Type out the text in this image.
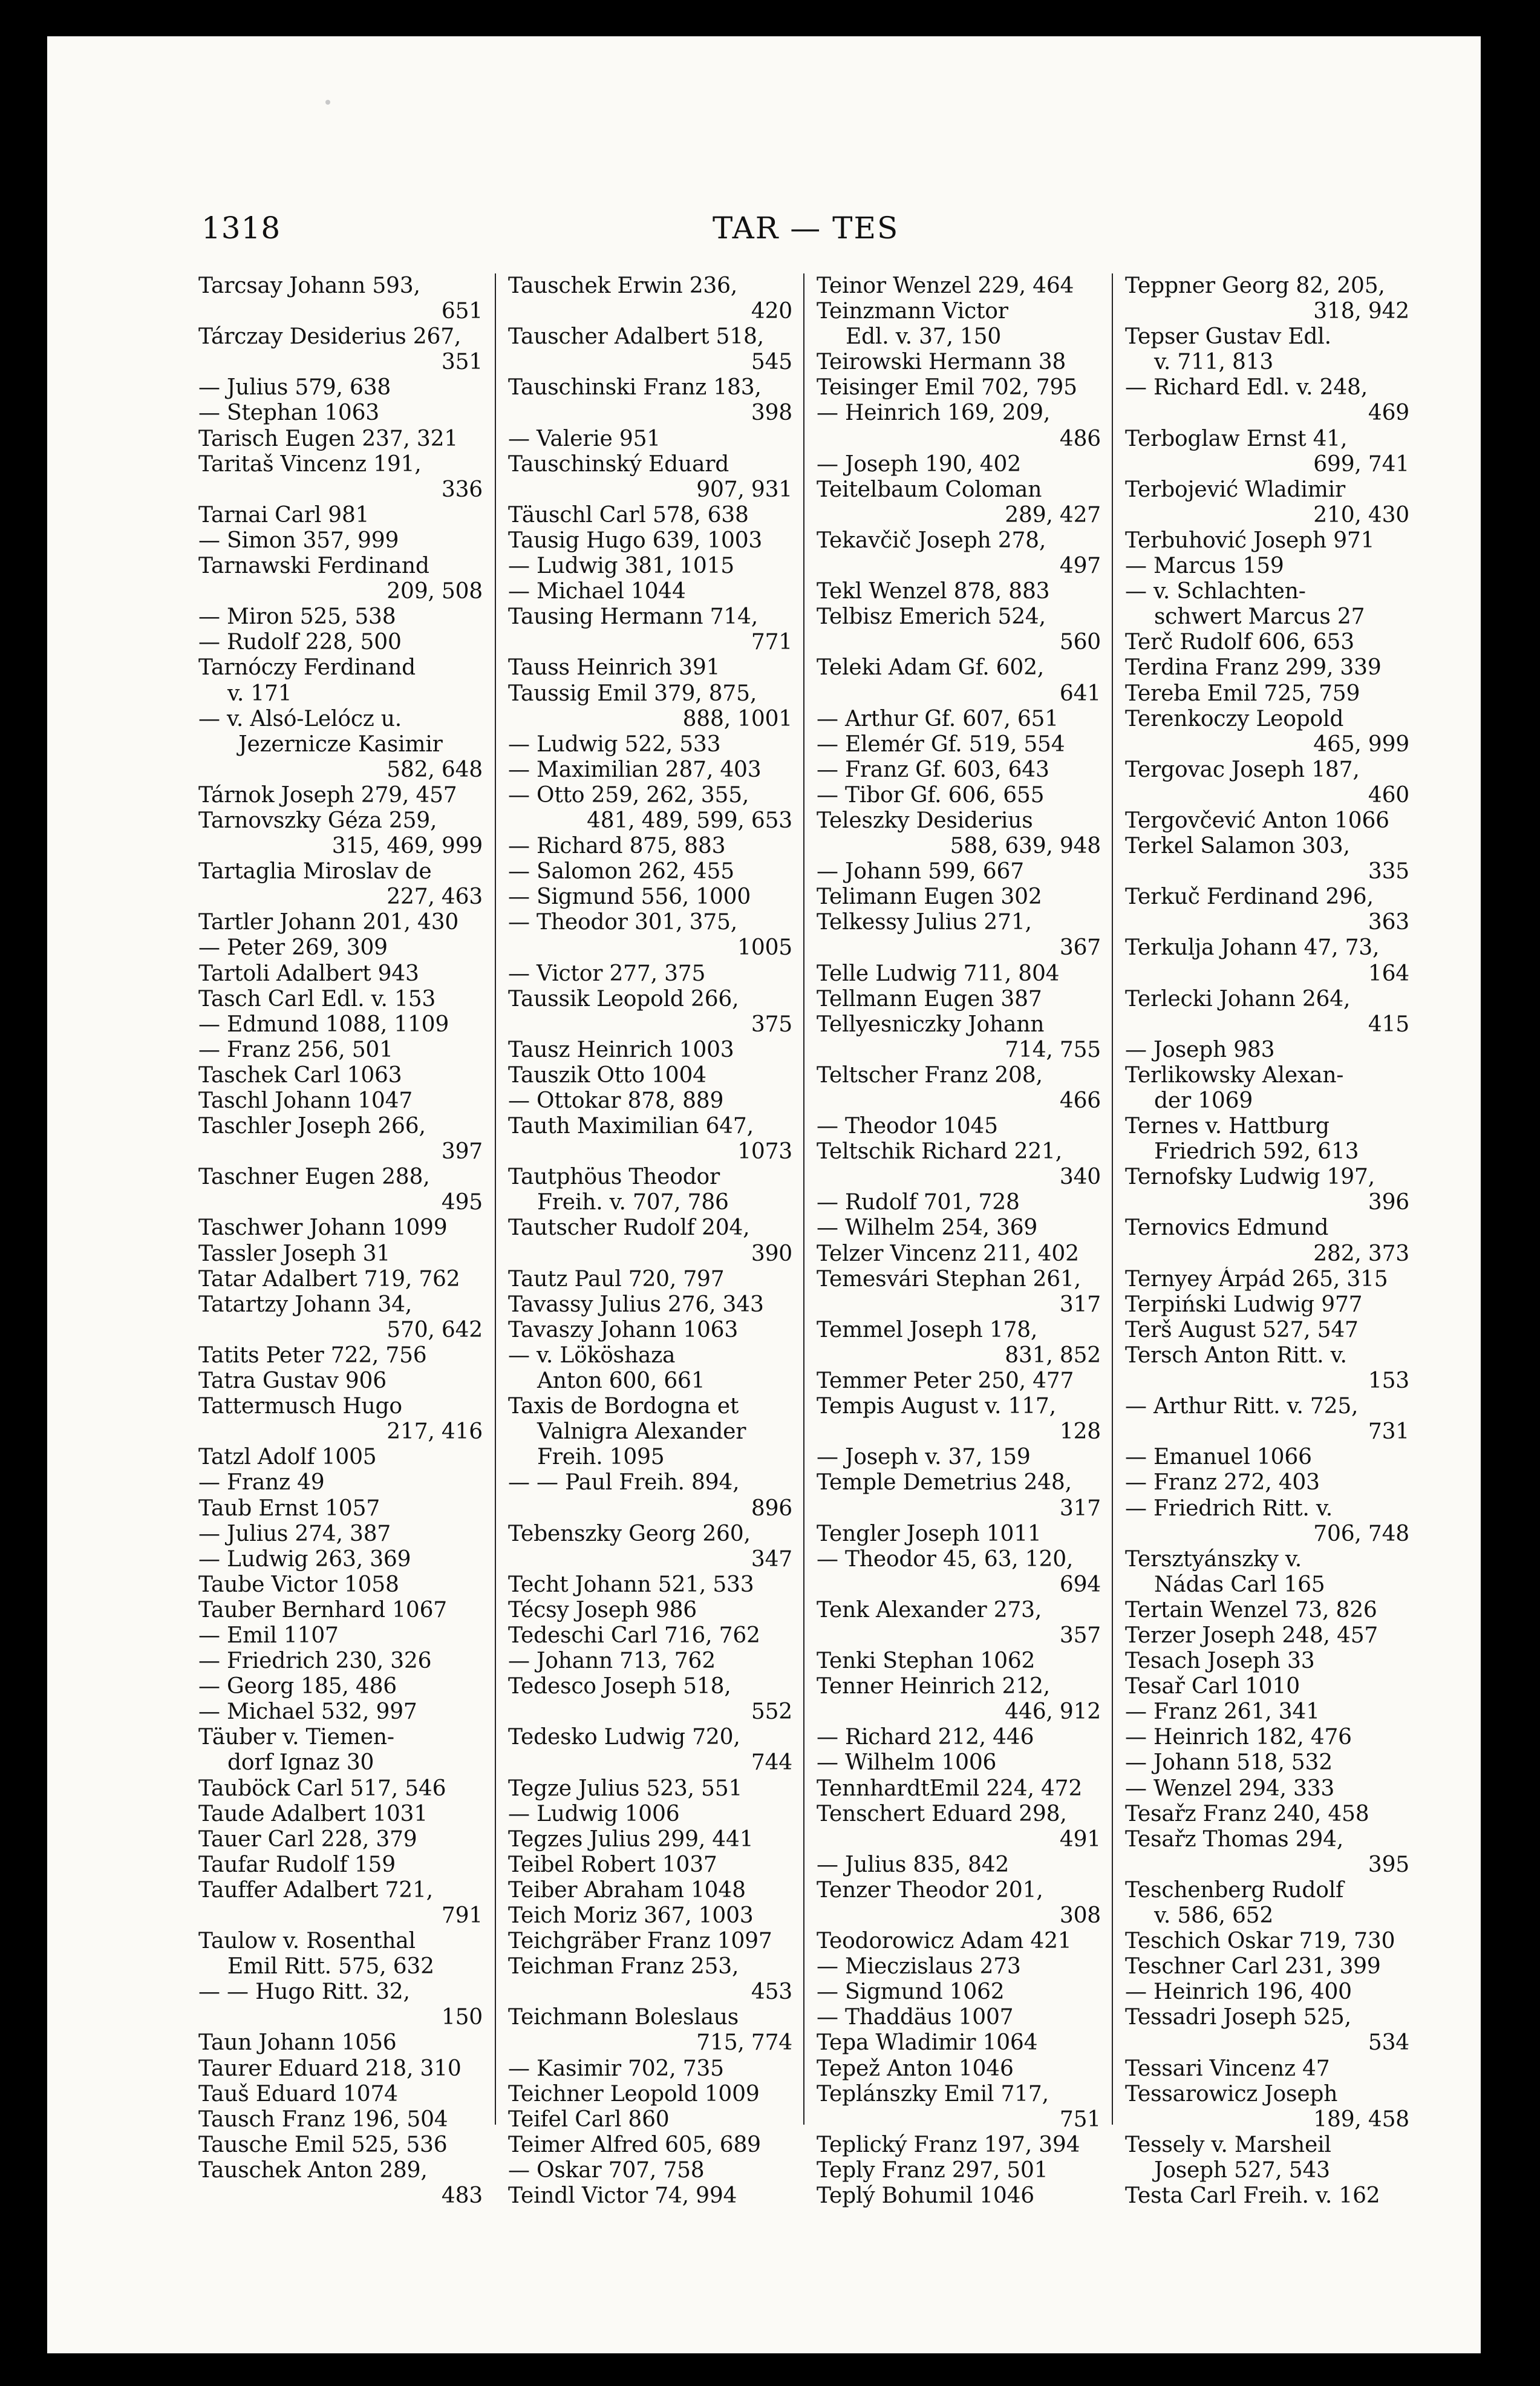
1318	TAR — TES
Tarcsay Johann 593,
651
Tárczay Desiderius 267,
351
— Julius 579, 638
— Stephan 1063
Tarisch Eugen 237, 321
Taritaš Vincenz 191,
336
Tarnai Carl 981
— Simon 357, 999
Tarnawski Ferdinand
209, 508
— Miron 525, 538
— Rudolf 228, 500
Tarnóczy Ferdinand
v. 171
— v. Alsó-Lelócz u.
Jezernicze Kasimir
582, 648
Tárnok Joseph 279, 457
Tarnovszky Géza 259,
315, 469, 999
Tartaglia Miroslav de
227, 463
Tartler Johann 201, 430
— Peter 269, 309
Tartoli Adalbert 943
Tasch Carl Edl. v. 153
— Edmund 1088, 1109
— Franz 256, 501
Taschek Carl 1063
Taschl Johann 1047
Taschler Joseph 266,
397
Taschner Eugen 288,
495
Taschwer Johann 1099
Tassler Joseph 31
Tatar Adalbert 719, 762
Tatartzy Johann 34,
570, 642
Tatits Peter 722, 756
Tatra Gustav 906
Tattermusch Hugo
217, 416
Tatzl Adolf 1005
— Franz 49
Taub Ernst 1057
— Julius 274, 387
— Ludwig 263, 369
Taube Victor 1058
Tauber Bernhard 1067
— Emil 1107
— Friedrich 230, 326
— Georg 185, 486
— Michael 532, 997
Täuber v. Tiemen-
dorf Ignaz 30
Tauböck Carl 517, 546
Taude Adalbert 1031
Tauer Carl 228, 379
Taufar Rudolf 159
Tauffer Adalbert 721,
791
Taulow v. Rosenthal
Emil Ritt. 575, 632
— — Hugo Ritt. 32,
150
Taun Johann 1056
Taurer Eduard 218, 310
Tauš Eduard 1074
Tausch Franz 196, 504
Tausche Emil 525, 536
Tauschek Anton 289,
483
Tauschek Erwin 236,
420
Tauscher Adalbert 518,
545
Tauschinski Franz 183,
398
— Valerie 951
Tauschinský Eduard
907, 931
Täuschl Carl 578, 638
Tausig Hugo 639, 1003
— Ludwig 381, 1015
— Michael 1044
Tausing Hermann 714,
771
Tauss Heinrich 391
Taussig Emil 379, 875,
888, 1001
— Ludwig 522, 533
— Maximilian 287, 403
— Otto 259, 262, 355,
481, 489, 599, 653
— Richard 875, 883
— Salomon 262, 455
— Sigmund 556, 1000
— Theodor 301, 375,
1005
— Victor 277, 375
Taussik Leopold 266,
375
Tausz Heinrich 1003
Tauszik Otto 1004
— Ottokar 878, 889
Tauth Maximilian 647,
1073
Tautphöus Theodor
Freih. v. 707, 786
Tautscher Rudolf 204,
390
Tautz Paul 720, 797
Tavassy Julius 276, 343
Tavaszy Johann 1063
— v. Lököshaza
Anton 600, 661
Taxis de Bordogna et
Valnigra Alexander
Freih. 1095
— — Paul Freih. 894,
896
Tebenszky Georg 260,
347
Techt Johann 521, 533
Técsy Joseph 986
Tedeschi Carl 716, 762
— Johann 713, 762
Tedesco Joseph 518,
552
Tedesko Ludwig 720,
744
Tegze Julius 523, 551
— Ludwig 1006
Tegzes Julius 299, 441
Teibel Robert 1037
Teiber Abraham 1048
Teich Moriz 367, 1003
Teichgräber Franz 1097
Teichman Franz 253,
453
Teichmann Boleslaus
715, 774
— Kasimir 702, 735
Teichner Leopold 1009
Teifel Carl 860
Teimer Alfred 605, 689
— Oskar 707, 758
Teindl Victor 74, 994
Teinor Wenzel 229, 464
Teinzmann Victor
Edl. v. 37, 150
Teirowski Hermann 38
Teisinger Emil 702, 795
— Heinrich 169, 209,
486
— Joseph 190, 402
Teitelbaum Coloman
289, 427
Tekavčič Joseph 278,
497
Tekl Wenzel 878, 883
Telbisz Emerich 524,
560
Teleki Adam Gf. 602,
641
— Arthur Gf. 607, 651
— Elemér Gf. 519, 554
— Franz Gf. 603, 643
— Tibor Gf. 606, 655
Teleszky Desiderius
588, 639, 948
— Johann 599, 667
Telimann Eugen 302
Telkessy Julius 271,
367
Telle Ludwig 711, 804
Tellmann Eugen 387
Tellyesniczky Johann
714, 755
Teltscher Franz 208,
466
— Theodor 1045
Teltschik Richard 221,
340
— Rudolf 701, 728
— Wilhelm 254, 369
Telzer Vincenz 211, 402
Temesvári Stephan 261,
317
Temmel Joseph 178,
831, 852
Temmer Peter 250, 477
Tempis August v. 117,
128
— Joseph v. 37, 159
Temple Demetrius 248,
317
Tengler Joseph 1011
— Theodor 45, 63, 120,
694
Tenk Alexander 273,
357
Tenki Stephan 1062
Tenner Heinrich 212,
446, 912
— Richard 212, 446
— Wilhelm 1006
TennhardtEmil 224, 472
Tenschert Eduard 298,
491
— Julius 835, 842
Tenzer Theodor 201,
308
Teodorowicz Adam 421
— Mieczislaus 273
— Sigmund 1062
— Thaddäus 1007
Tepa Wladimir 1064
Tepež Anton 1046
Teplánszky Emil 717,
751
Teplický Franz 197, 394
Teply Franz 297, 501
Teplý Bohumil 1046
Teppner Georg 82, 205,
318, 942
Tepser Gustav Edl.
v. 711, 813
— Richard Edl. v. 248,
469
Terboglaw Ernst 41,
699, 741
Terbojević Wladimir
210, 430
Terbuhović Joseph 971
— Marcus 159
— v. Schlachten-
schwert Marcus 27
Terč Rudolf 606, 653
Terdina Franz 299, 339
Tereba Emil 725, 759
Terenkoczy Leopold
465, 999
Tergovac Joseph 187,
460
Tergovčević Anton 1066
Terkel Salamon 303,
335
Terkuč Ferdinand 296,
363
Terkulja Johann 47, 73,
164
Terlecki Johann 264,
415
— Joseph 983
Terlikowsky Alexan-
der 1069
Ternes v. Hattburg
Friedrich 592, 613
Ternofsky Ludwig 197,
396
Ternovics Edmund
282, 373
Ternyey Árpád 265, 315
Terpiński Ludwig 977
Terš August 527, 547
Tersch Anton Ritt. v.
153
— Arthur Ritt. v. 725,
731
— Emanuel 1066
— Franz 272, 403
— Friedrich Ritt. v.
706, 748
Tersztyánszky v.
Nádas Carl 165
Tertain Wenzel 73, 826
Terzer Joseph 248, 457
Tesach Joseph 33
Tesař Carl 1010
— Franz 261, 341
— Heinrich 182, 476
— Johann 518, 532
— Wenzel 294, 333
Tesařz Franz 240, 458
Tesařz Thomas 294,
395
Teschenberg Rudolf
v. 586, 652
Teschich Oskar 719, 730
Teschner Carl 231, 399
— Heinrich 196, 400
Tessadri Joseph 525,
534
Tessari Vincenz 47
Tessarowicz Joseph
189, 458
Tessely v. Marsheil
Joseph 527, 543
Testa Carl Freih. v. 162
